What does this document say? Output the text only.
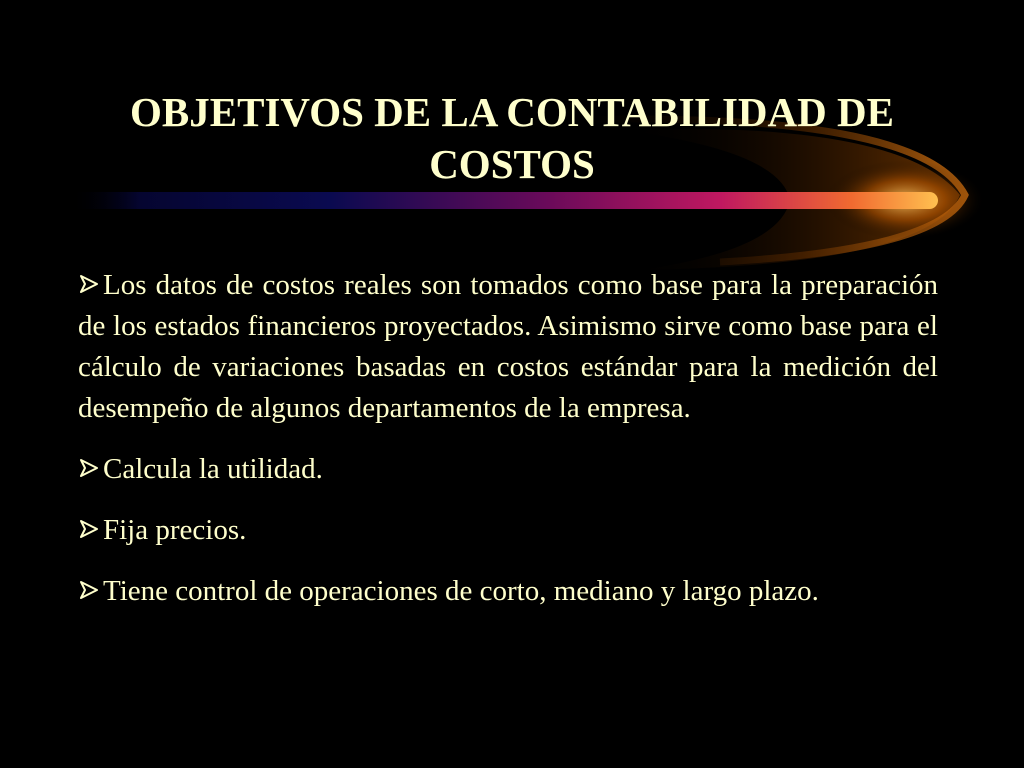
OBJETIVOS DE LA CONTABILIDAD DE
COSTOS
Los datos de costos reales son tomados como base para la preparación de los estados financieros proyectados. Asimismo sirve como base para el cálculo de variaciones basadas en costos estándar para la medición del desempeño de algunos departamentos de la empresa.
Calcula la utilidad.
Fija precios.
Tiene control de operaciones de corto, mediano y largo plazo.
